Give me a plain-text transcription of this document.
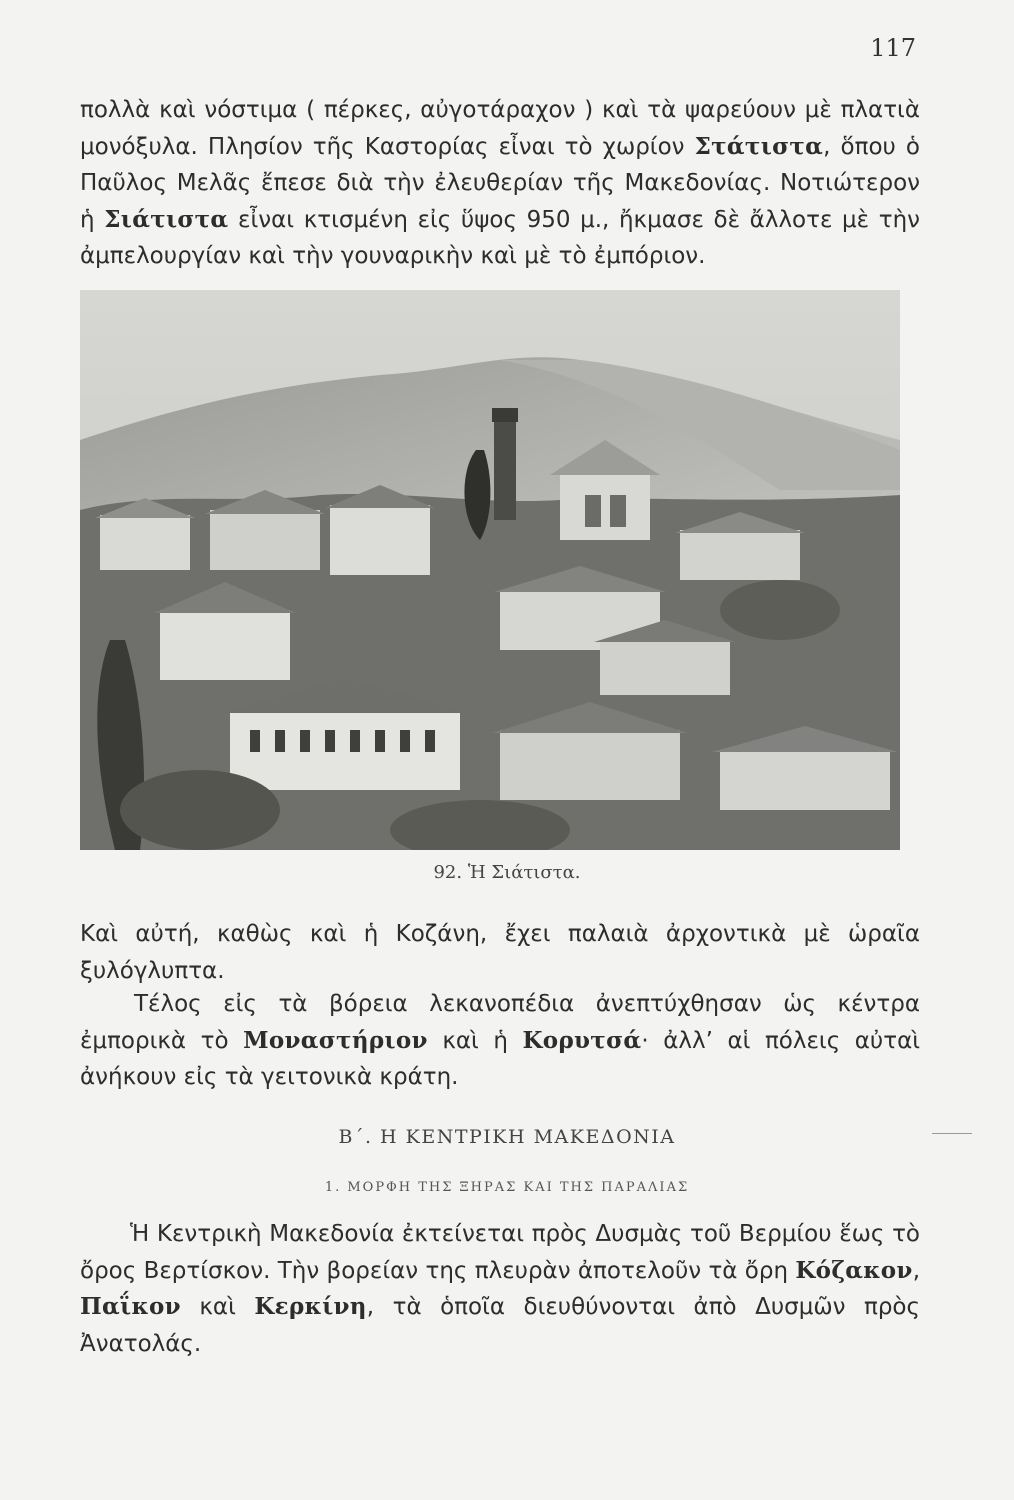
117

πολλὰ καὶ νόστιμα ( πέρκες, αὐγοτάραχον ) καὶ τὰ ψαρεύουν μὲ πλατιὰ μονόξυλα. Πλησίον τῆς Καστορίας εἶναι τὸ χωρίον Στάτιστα, ὅπου ὁ Παῦλος Μελᾶς ἔπεσε διὰ τὴν ἐλευθερίαν τῆς Μακεδονίας. Νοτιώτερον ἡ Σιάτιστα εἶναι κτισμένη εἰς ὕψος 950 μ., ἤκμασε δὲ ἄλλοτε μὲ τὴν ἀμπελουργίαν καὶ τὴν γουναρικὴν καὶ μὲ τὸ ἐμπόριον.

92. Ἡ Σιάτιστα.

Καὶ αὐτή, καθὼς καὶ ἡ Κοζάνη, ἔχει παλαιὰ ἀρχοντικὰ μὲ ὡραῖα ξυλόγλυπτα.

Τέλος εἰς τὰ βόρεια λεκανοπέδια ἀνεπτύχθησαν ὡς κέντρα ἐμπορικὰ τὸ Μοναστήριον καὶ ἡ Κορυτσά· ἀλλ’ αἱ πόλεις αὐταὶ ἀνήκουν εἰς τὰ γειτονικὰ κράτη.

Β΄. Η ΚΕΝΤΡΙΚΗ ΜΑΚΕΔΟΝΙΑ
1. ΜΟΡΦΗ ΤΗΣ ΞΗΡΑΣ ΚΑΙ ΤΗΣ ΠΑΡΑΛΙΑΣ

Ἡ Κεντρικὴ Μακεδονία ἐκτείνεται πρὸς Δυσμὰς τοῦ Βερμίου ἕως τὸ ὄρος Βερτίσκον. Τὴν βορείαν της πλευρὰν ἀποτελοῦν τὰ ὄρη Κόζακον, Παΐκον καὶ Κερκίνη, τὰ ὁποῖα διευθύνονται ἀπὸ Δυσμῶν πρὸς Ἀνατολάς.
